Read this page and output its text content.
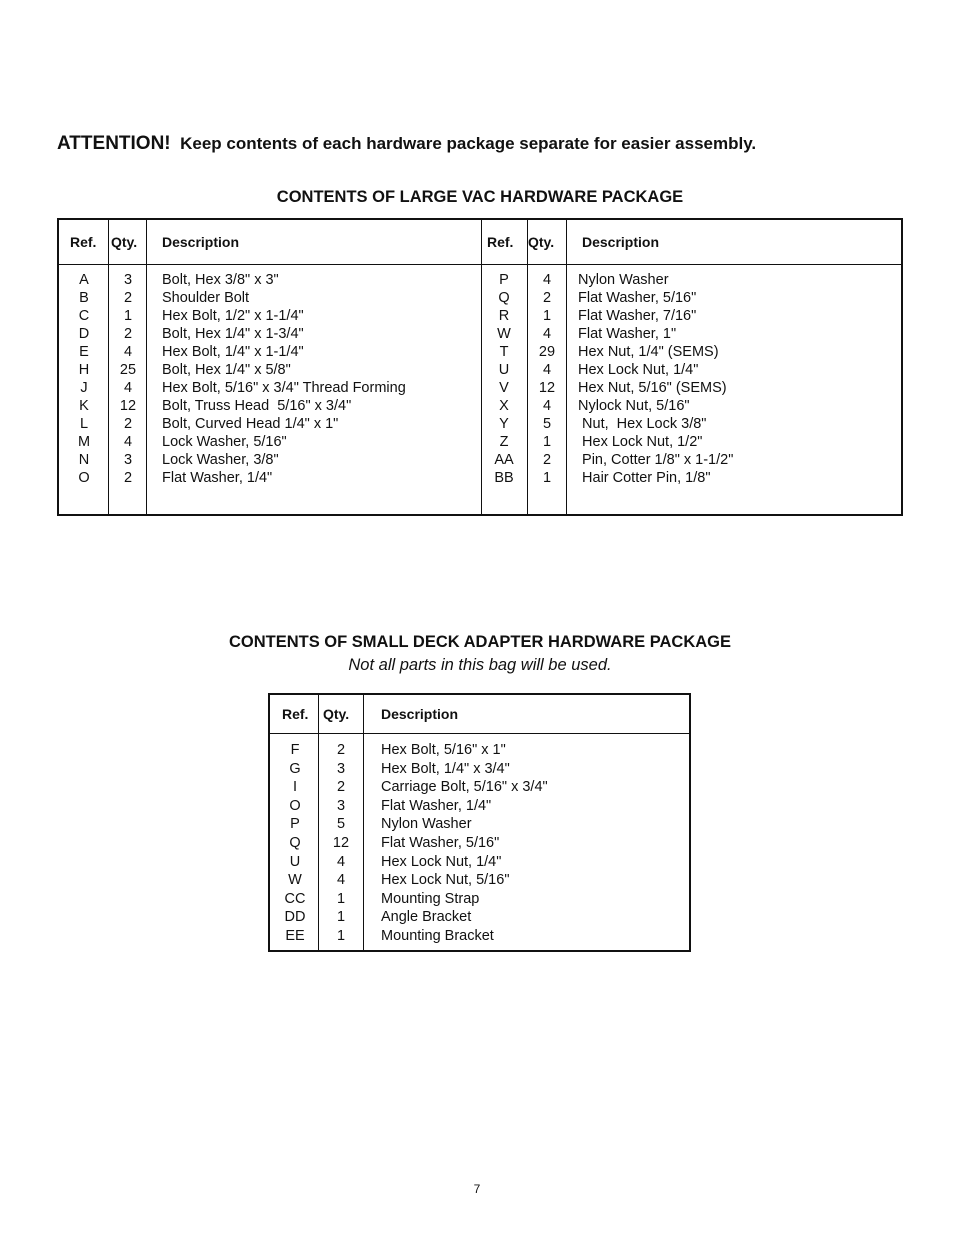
ATTENTION! Keep contents of each hardware package separate for easier assembly.
CONTENTS OF LARGE VAC HARDWARE PACKAGE
Ref. Qty. Description	Ref. Qty. Description
A
B
C
D
E
H
J
K
L
M
N
O
3
2
1
2
4
25
4
12
2
4
3
2
Bolt, Hex 3/8" x 3"
Shoulder Bolt
Hex Bolt, 1/2" x 1-1/4"
Bolt, Hex 1/4" x 1-3/4"
Hex Bolt, 1/4" x 1-1/4"
Bolt, Hex 1/4" x 5/8"
Hex Bolt, 5/16" x 3/4" Thread Forming
Bolt, Truss Head  5/16" x 3/4"
Bolt, Curved Head 1/4" x 1"
Lock Washer, 5/16"
Lock Washer, 3/8"
Flat Washer, 1/4"
P
Q
R
W
T
U
V
X
Y
Z
AA
BB
4
2
1
4
29
4
12
4
5
1
2
1
Nylon Washer
Flat Washer, 5/16"
Flat Washer, 7/16"
Flat Washer, 1"
Hex Nut, 1/4" (SEMS)
Hex Lock Nut, 1/4"
Hex Nut, 5/16" (SEMS)
Nylock Nut, 5/16"
Nut,  Hex Lock 3/8"
Hex Lock Nut, 1/2"
Pin, Cotter 1/8" x 1-1/2"
Hair Cotter Pin, 1/8"
CONTENTS OF SMALL DECK ADAPTER HARDWARE PACKAGE
Not all parts in this bag will be used.
Ref. Qty. Description
F
G
I
O
P
Q
U
W
CC
DD
EE
2
3
2
3
5
12
4
4
1
1
1
Hex Bolt, 5/16" x 1"
Hex Bolt, 1/4" x 3/4"
Carriage Bolt, 5/16" x 3/4"
Flat Washer, 1/4"
Nylon Washer
Flat Washer, 5/16"
Hex Lock Nut, 1/4"
Hex Lock Nut, 5/16"
Mounting Strap
Angle Bracket
Mounting Bracket
7
